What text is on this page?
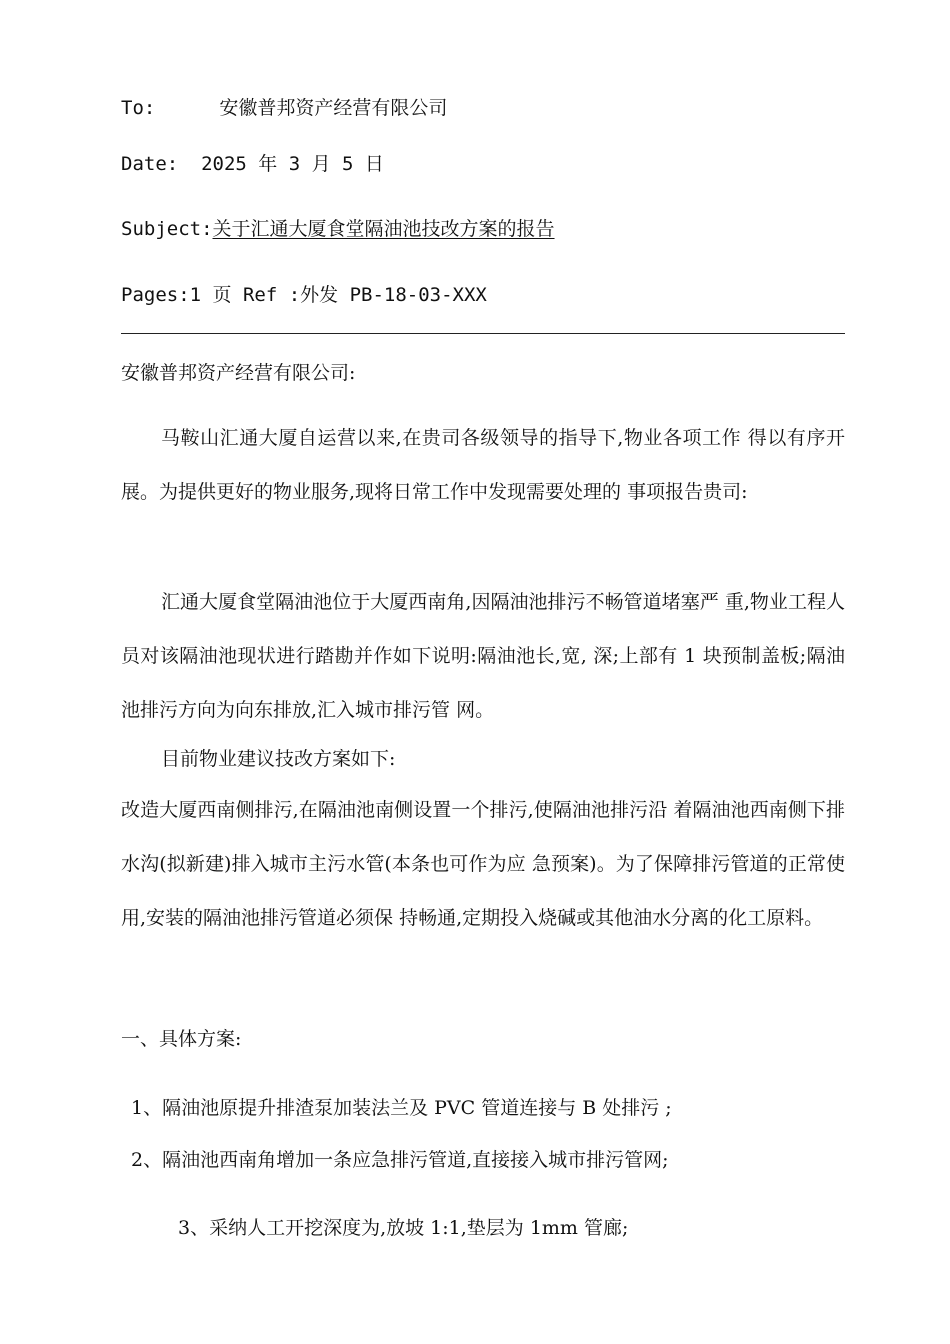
To:	安徽普邦资产经营有限公司
Date: 2025 年 3 月 5 日
Subject:关于汇通大厦食堂隔油池技改方案的报告
Pages:1 页 Ref :外发 PB-18-03-XXX
安徽普邦资产经营有限公司:
马鞍山汇通大厦自运营以来,在贵司各级领导的指导下,物业各项工作 得以有序开展。为提供更好的物业服务,现将日常工作中发现需要处理的 事项报告贵司:
汇通大厦食堂隔油池位于大厦西南角,因隔油池排污不畅管道堵塞严 重,物业工程人员对该隔油池现状进行踏勘并作如下说明:隔油池长,宽, 深;上部有 1 块预制盖板;隔油池排污方向为向东排放,汇入城市排污管 网。
目前物业建议技改方案如下:
改造大厦西南侧排污,在隔油池南侧设置一个排污,使隔油池排污沿 着隔油池西南侧下排水沟(拟新建)排入城市主污水管(本条也可作为应 急预案)。为了保障排污管道的正常使用,安装的隔油池排污管道必须保 持畅通,定期投入烧碱或其他油水分离的化工原料。
一、具体方案:
1、隔油池原提升排渣泵加装法兰及 PVC 管道连接与 B 处排污 ;
2、隔油池西南角增加一条应急排污管道,直接接入城市排污管网;
3、采纳人工开挖深度为,放坡 1:1,垫层为 1mm 管廊;
